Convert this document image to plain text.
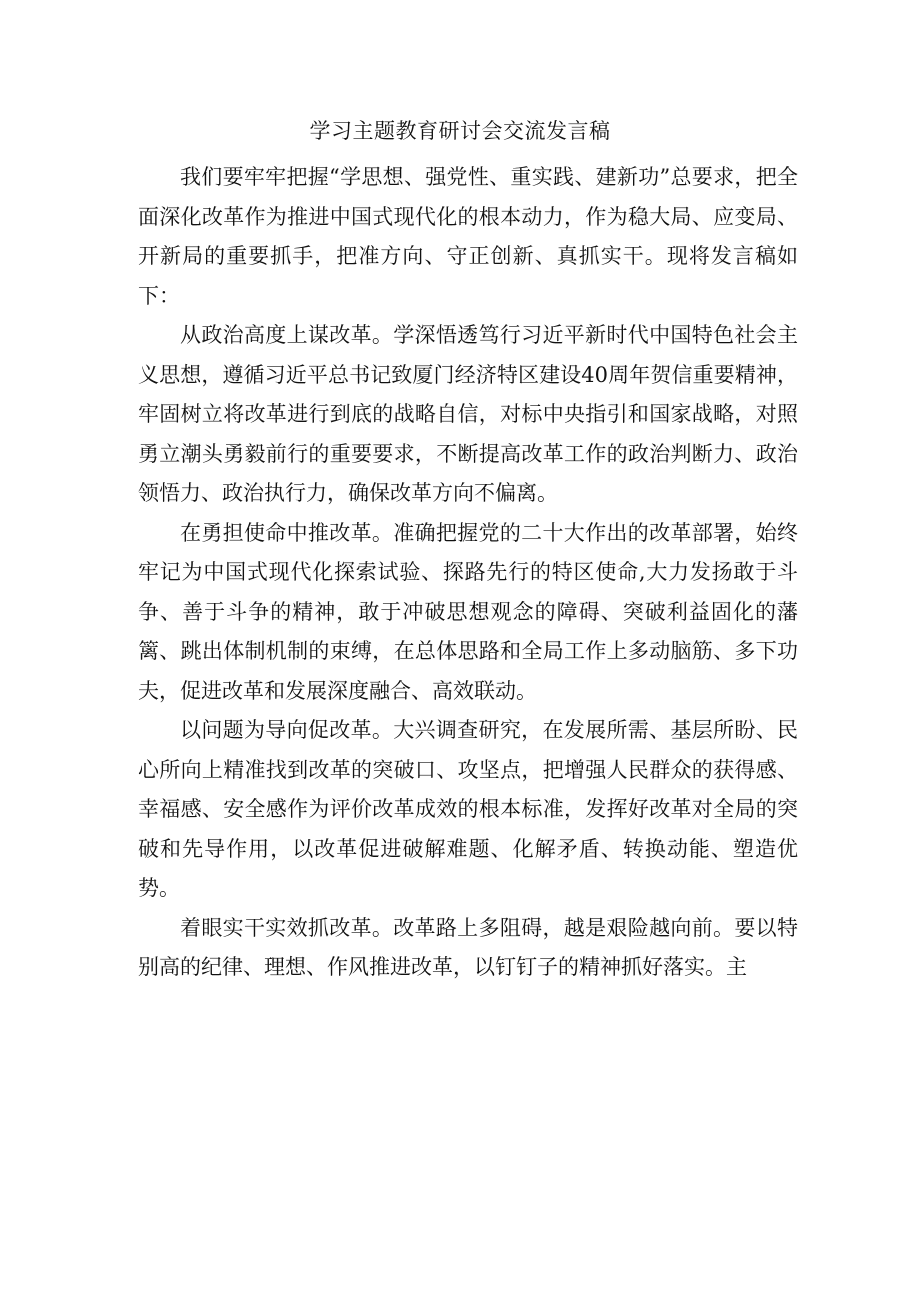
学习主题教育研讨会交流发言稿

我们要牢牢把握“学思想、强党性、重实践、建新功”总要求，把全面深化改革作为推进中国式现代化的根本动力，作为稳大局、应变局、开新局的重要抓手，把准方向、守正创新、真抓实干。现将发言稿如下：

从政治高度上谋改革。学深悟透笃行习近平新时代中国特色社会主义思想，遵循习近平总书记致厦门经济特区建设40周年贺信重要精神，牢固树立将改革进行到底的战略自信，对标中央指引和国家战略，对照勇立潮头勇毅前行的重要要求，不断提高改革工作的政治判断力、政治领悟力、政治执行力，确保改革方向不偏离。

在勇担使命中推改革。准确把握党的二十大作出的改革部署，始终牢记为中国式现代化探索试验、探路先行的特区使命,大力发扬敢于斗争、善于斗争的精神，敢于冲破思想观念的障碍、突破利益固化的藩篱、跳出体制机制的束缚，在总体思路和全局工作上多动脑筋、多下功夫，促进改革和发展深度融合、高效联动。

以问题为导向促改革。大兴调查研究，在发展所需、基层所盼、民心所向上精准找到改革的突破口、攻坚点，把增强人民群众的获得感、幸福感、安全感作为评价改革成效的根本标准，发挥好改革对全局的突破和先导作用，以改革促进破解难题、化解矛盾、转换动能、塑造优势。

着眼实干实效抓改革。改革路上多阻碍，越是艰险越向前。要以特别高的纪律、理想、作风推进改革，以钉钉子的精神抓好落实。主
